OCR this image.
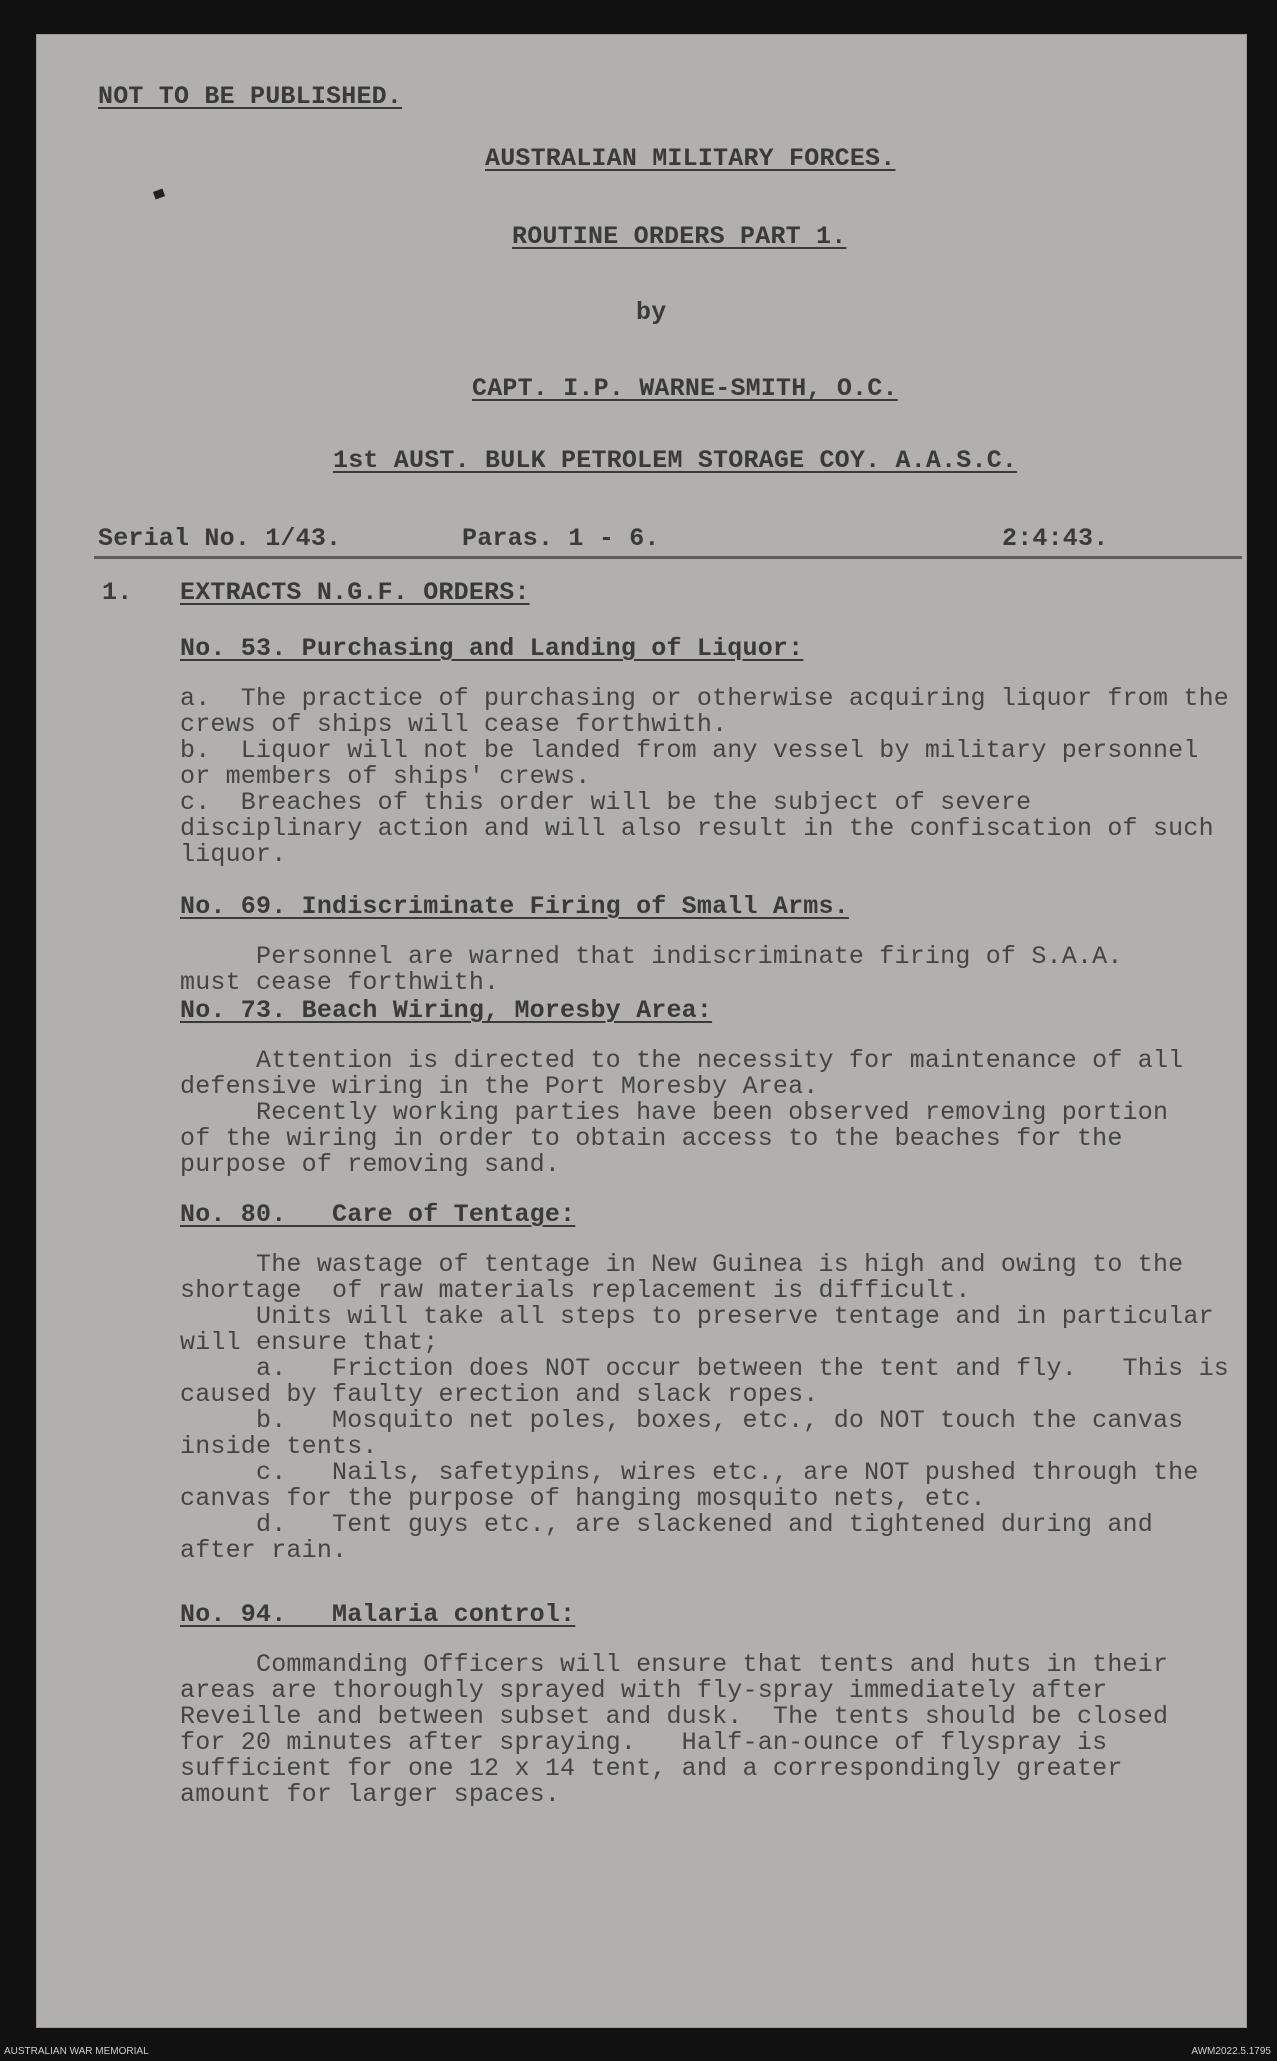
NOT TO BE PUBLISHED.
AUSTRALIAN MILITARY FORCES.
ROUTINE ORDERS PART 1.
by
CAPT. I.P. WARNE-SMITH, O.C.
1st AUST. BULK PETROLEM STORAGE COY. A.A.S.C.
Serial No. 1/43.	Paras. 1 - 6.	2:4:43.
1. EXTRACTS N.G.F. ORDERS:
No. 53. Purchasing and Landing of Liquor:
a.  The practice of purchasing or otherwise acquiring liquor from the
crews of ships will cease forthwith.
b.  Liquor will not be landed from any vessel by military personnel
or members of ships' crews.
c.  Breaches of this order will be the subject of severe
disciplinary action and will also result in the confiscation of such
liquor.
No. 69. Indiscriminate Firing of Small Arms.
Personnel are warned that indiscriminate firing of S.A.A.
must cease forthwith.
No. 73. Beach Wiring, Moresby Area:
Attention is directed to the necessity for maintenance of all
defensive wiring in the Port Moresby Area.
Recently working parties have been observed removing portion
of the wiring in order to obtain access to the beaches for the
purpose of removing sand.
No. 80.   Care of Tentage:
The wastage of tentage in New Guinea is high and owing to the
shortage  of raw materials replacement is difficult.
Units will take all steps to preserve tentage and in particular
will ensure that;
a.   Friction does NOT occur between the tent and fly.   This is
caused by faulty erection and slack ropes.
b.   Mosquito net poles, boxes, etc., do NOT touch the canvas
inside tents.
c.   Nails, safetypins, wires etc., are NOT pushed through the
canvas for the purpose of hanging mosquito nets, etc.
d.   Tent guys etc., are slackened and tightened during and
after rain.
No. 94.   Malaria control:
Commanding Officers will ensure that tents and huts in their
areas are thoroughly sprayed with fly-spray immediately after
Reveille and between subset and dusk.  The tents should be closed
for 20 minutes after spraying.   Half-an-ounce of flyspray is
sufficient for one 12 x 14 tent, and a correspondingly greater
amount for larger spaces.
AUSTRALIAN WAR MEMORIAL	AWM2022.5.1795
